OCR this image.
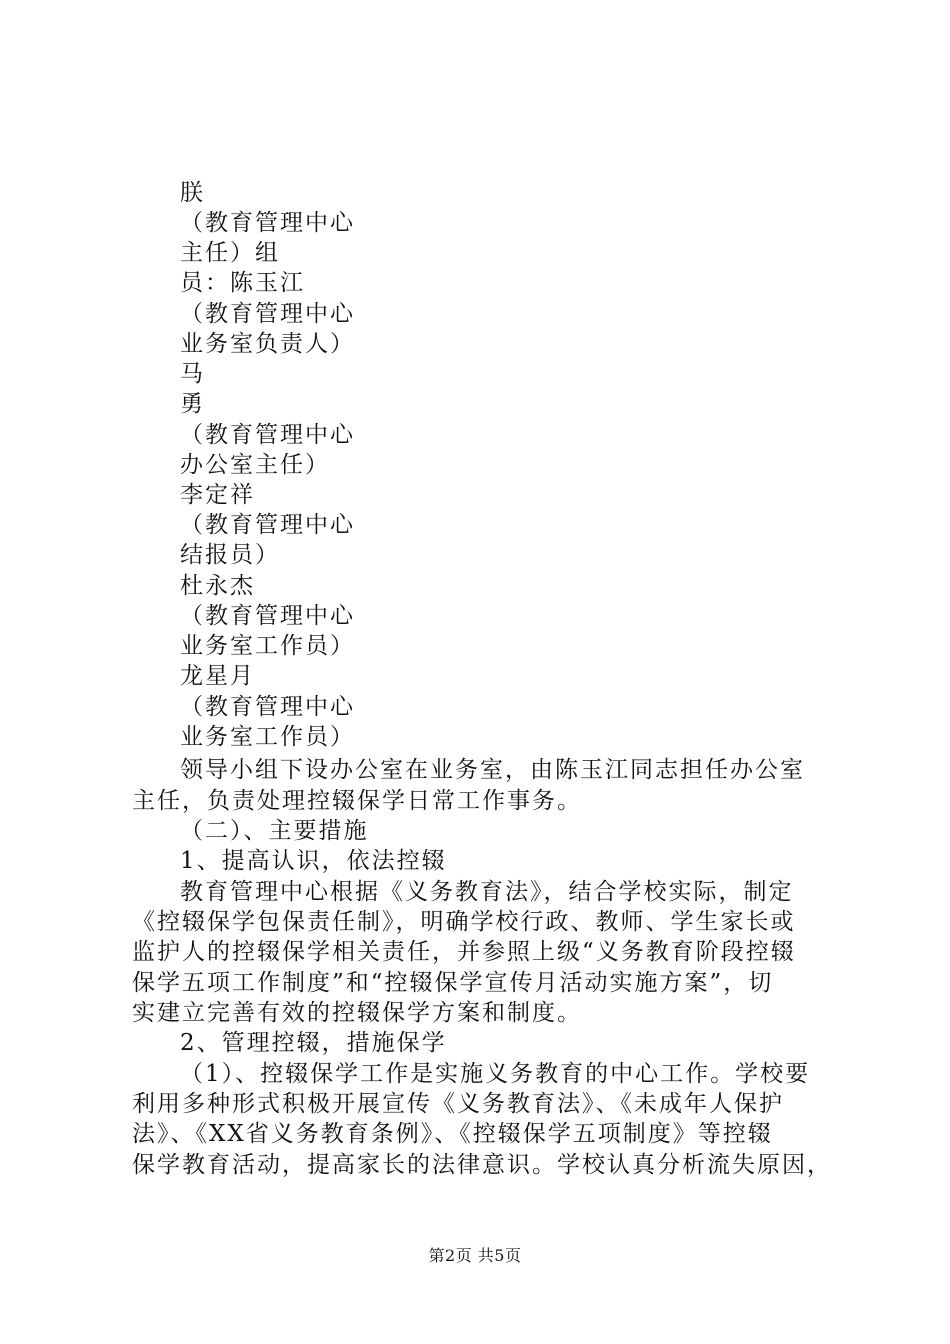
朕
（教育管理中心
主任）组
员：陈玉江
（教育管理中心
业务室负责人）
马
勇
（教育管理中心
办公室主任）
李定祥
（教育管理中心
结报员）
杜永杰
（教育管理中心
业务室工作员）
龙星月
（教育管理中心
业务室工作员）
领导小组下设办公室在业务室，由陈玉江同志担任办公室
主任，负责处理控辍保学日常工作事务。
（二）、主要措施
1、提高认识，依法控辍
教育管理中心根据《义务教育法》，结合学校实际，制定
《控辍保学包保责任制》，明确学校行政、教师、学生家长或
监护人的控辍保学相关责任，并参照上级“义务教育阶段控辍
保学五项工作制度”和“控辍保学宣传月活动实施方案”，切
实建立完善有效的控辍保学方案和制度。
2、管理控辍，措施保学
（1）、控辍保学工作是实施义务教育的中心工作。学校要
利用多种形式积极开展宣传《义务教育法》、《未成年人保护
法》、《XX省义务教育条例》、《控辍保学五项制度》等控辍
保学教育活动，提高家长的法律意识。学校认真分析流失原因，
第2页 共5页
